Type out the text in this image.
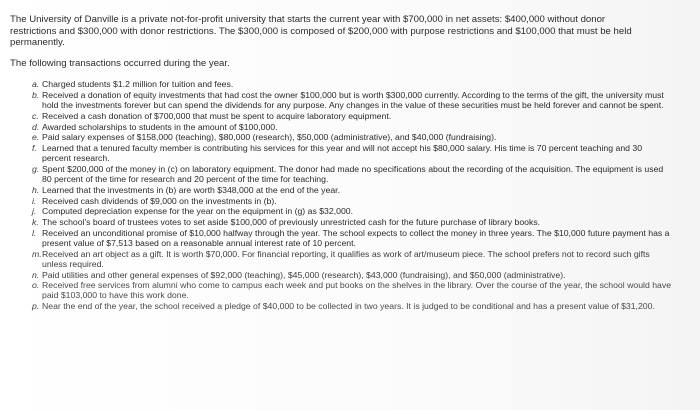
The University of Danville is a private not-for-profit university that starts the current year with $700,000 in net assets: $400,000 without donor restrictions and $300,000 with donor restrictions. The $300,000 is composed of $200,000 with purpose restrictions and $100,000 that must be held permanently.

The following transactions occurred during the year.

a. Charged students $1.2 million for tuition and fees.
b. Received a donation of equity investments that had cost the owner $100,000 but is worth $300,000 currently. According to the terms of the gift, the university must hold the investments forever but can spend the dividends for any purpose. Any changes in the value of these securities must be held forever and cannot be spent.
c. Received a cash donation of $700,000 that must be spent to acquire laboratory equipment.
d. Awarded scholarships to students in the amount of $100,000.
e. Paid salary expenses of $158,000 (teaching), $80,000 (research), $50,000 (administrative), and $40,000 (fundraising).
f. Learned that a tenured faculty member is contributing his services for this year and will not accept his $80,000 salary. His time is 70 percent teaching and 30 percent research.
g. Spent $200,000 of the money in (c) on laboratory equipment. The donor had made no specifications about the recording of the acquisition. The equipment is used 80 percent of the time for research and 20 percent of the time for teaching.
h. Learned that the investments in (b) are worth $348,000 at the end of the year.
i. Received cash dividends of $9,000 on the investments in (b).
j. Computed depreciation expense for the year on the equipment in (g) as $32,000.
k. The school's board of trustees votes to set aside $100,000 of previously unrestricted cash for the future purchase of library books.
l. Received an unconditional promise of $10,000 halfway through the year. The school expects to collect the money in three years. The $10,000 future payment has a present value of $7,513 based on a reasonable annual interest rate of 10 percent.
m. Received an art object as a gift. It is worth $70,000. For financial reporting, it qualifies as work of art/museum piece. The school prefers not to record such gifts unless required.
n. Paid utilities and other general expenses of $92,000 (teaching), $45,000 (research), $43,000 (fundraising), and $50,000 (administrative).
o. Received free services from alumni who come to campus each week and put books on the shelves in the library. Over the course of the year, the school would have paid $103,000 to have this work done.
p. Near the end of the year, the school received a pledge of $40,000 to be collected in two years. It is judged to be conditional and has a present value of $31,200.
